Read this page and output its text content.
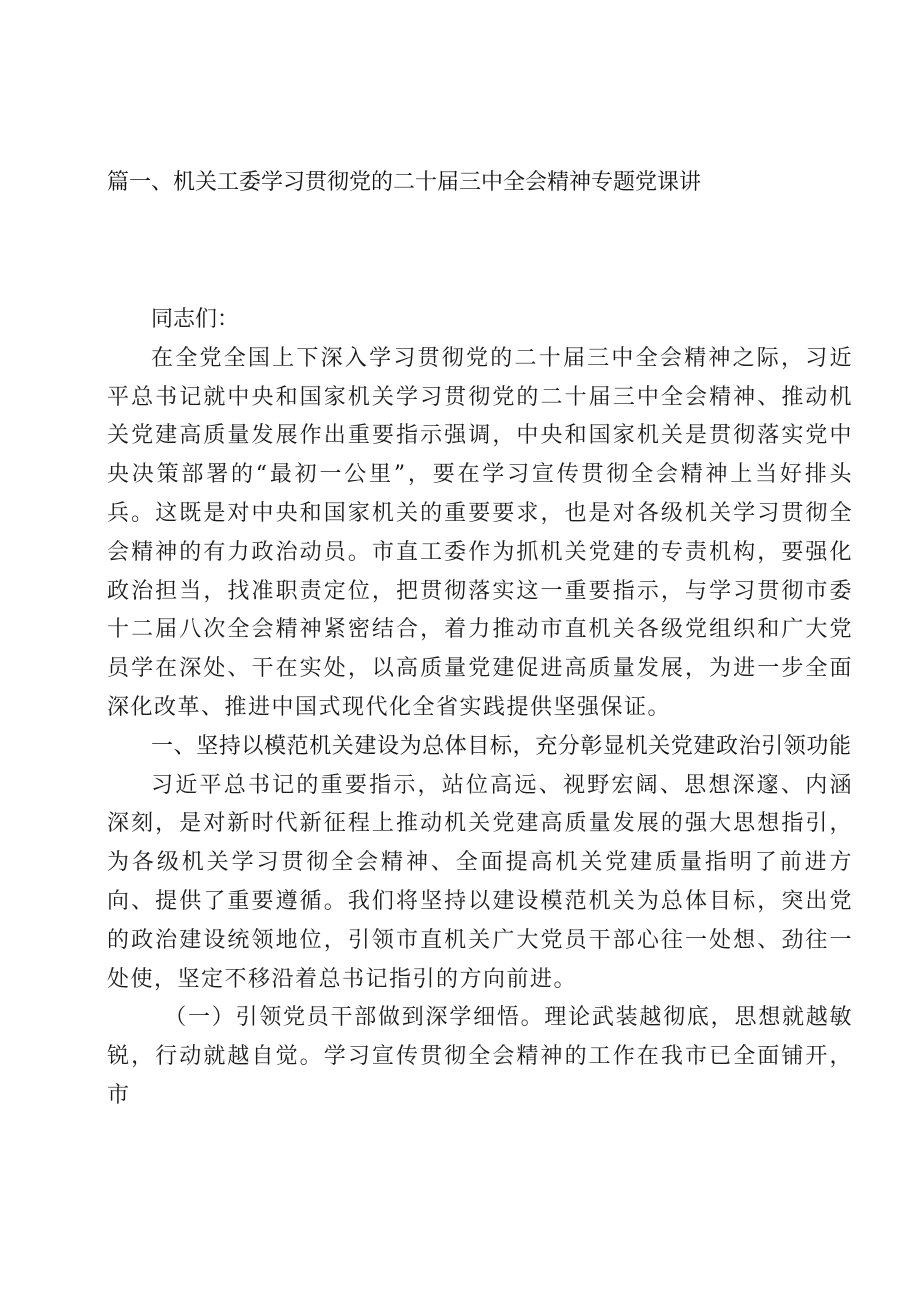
篇一、机关工委学习贯彻党的二十届三中全会精神专题党课讲

同志们：

在全党全国上下深入学习贯彻党的二十届三中全会精神之际，习近平总书记就中央和国家机关学习贯彻党的二十届三中全会精神、推动机关党建高质量发展作出重要指示强调，中央和国家机关是贯彻落实党中央决策部署的“最初一公里”，要在学习宣传贯彻全会精神上当好排头兵。这既是对中央和国家机关的重要要求，也是对各级机关学习贯彻全会精神的有力政治动员。市直工委作为抓机关党建的专责机构，要强化政治担当，找准职责定位，把贯彻落实这一重要指示，与学习贯彻市委十二届八次全会精神紧密结合，着力推动市直机关各级党组织和广大党员学在深处、干在实处，以高质量党建促进高质量发展，为进一步全面深化改革、推进中国式现代化全省实践提供坚强保证。

一、坚持以模范机关建设为总体目标，充分彰显机关党建政治引领功能

习近平总书记的重要指示，站位高远、视野宏阔、思想深邃、内涵深刻，是对新时代新征程上推动机关党建高质量发展的强大思想指引，为各级机关学习贯彻全会精神、全面提高机关党建质量指明了前进方向、提供了重要遵循。我们将坚持以建设模范机关为总体目标，突出党的政治建设统领地位，引领市直机关广大党员干部心往一处想、劲往一处使，坚定不移沿着总书记指引的方向前进。

（一）引领党员干部做到深学细悟。理论武装越彻底，思想就越敏锐，行动就越自觉。学习宣传贯彻全会精神的工作在我市已全面铺开，市
